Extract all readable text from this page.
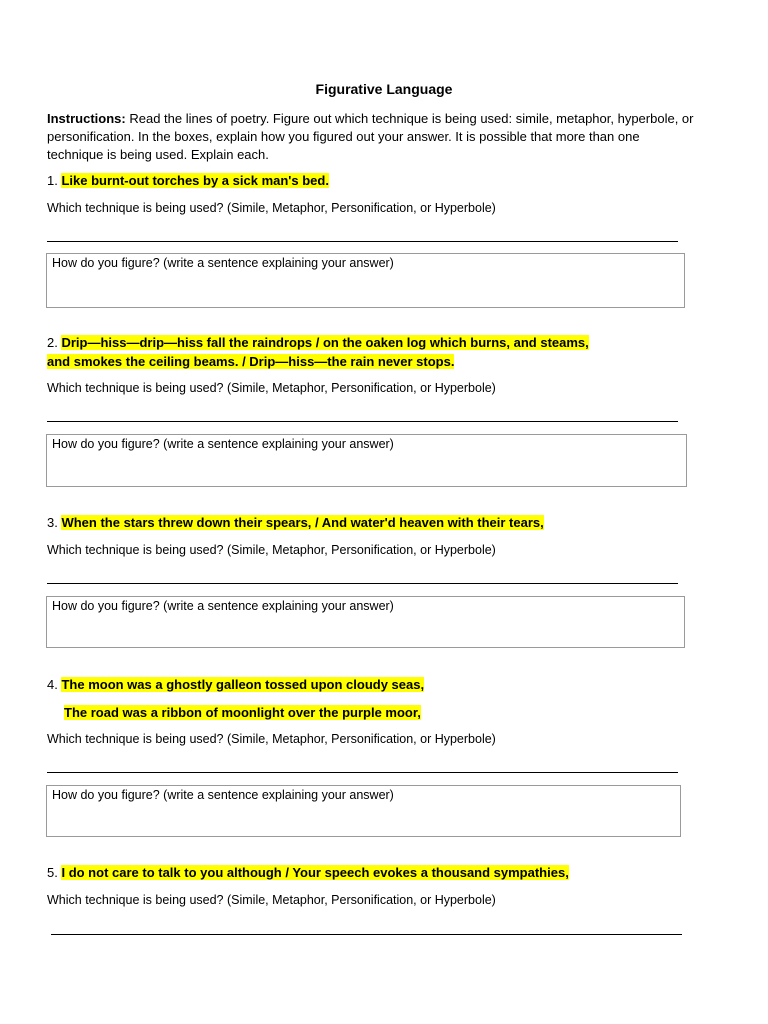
Figurative Language
Instructions: Read the lines of poetry. Figure out which technique is being used: simile, metaphor, hyperbole, or personification. In the boxes, explain how you figured out your answer. It is possible that more than one technique is being used. Explain each.
1. Like burnt-out torches by a sick man's bed.
Which technique is being used? (Simile, Metaphor, Personification, or Hyperbole)
How do you figure? (write a sentence explaining your answer)
2. Drip—hiss—drip—hiss fall the raindrops / on the oaken log which burns, and steams,
and smokes the ceiling beams. / Drip—hiss—the rain never stops.
Which technique is being used? (Simile, Metaphor, Personification, or Hyperbole)
How do you figure? (write a sentence explaining your answer)
3. When the stars threw down their spears, / And water'd heaven with their tears,
Which technique is being used? (Simile, Metaphor, Personification, or Hyperbole)
How do you figure? (write a sentence explaining your answer)
4. The moon was a ghostly galleon tossed upon cloudy seas,
The road was a ribbon of moonlight over the purple moor,
Which technique is being used? (Simile, Metaphor, Personification, or Hyperbole)
How do you figure? (write a sentence explaining your answer)
5. I do not care to talk to you although / Your speech evokes a thousand sympathies,
Which technique is being used? (Simile, Metaphor, Personification, or Hyperbole)
